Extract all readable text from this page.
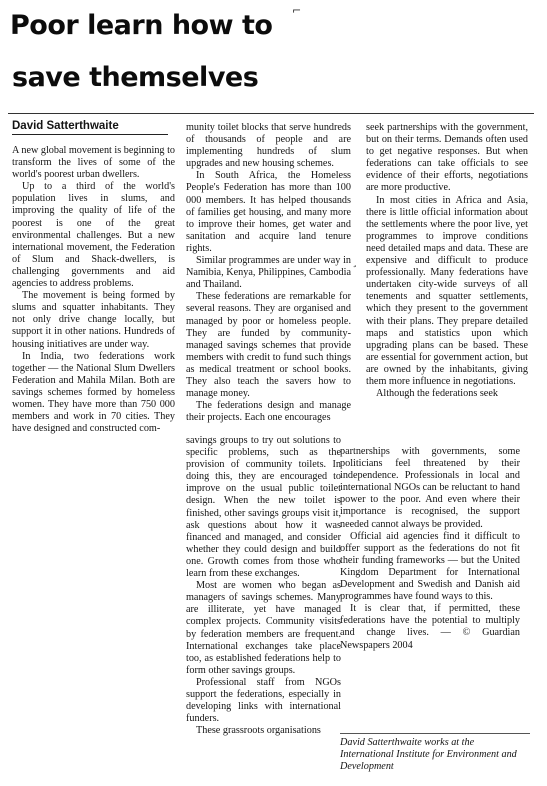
Poor learn how to ⌐
save themselves
David Satterthwaite

A new global movement is beginning to transform the lives of some of the world's poorest urban dwellers.

Up to a third of the world's population lives in slums, and improving the quality of life of the poorest is one of the great environmental challenges. But a new international movement, the Federation of Slum and Shack-dwellers, is challenging governments and aid agencies to address problems.

The movement is being formed by slums and squatter inhabitants. They not only drive change locally, but support it in other nations. Hundreds of housing initiatives are under way.

In India, two federations work together — the National Slum Dwellers Federation and Mahila Milan. Both are savings schemes formed by homeless women. They have more than 750 000 members and work in 70 cities. They have designed and constructed com-

munity toilet blocks that serve hundreds of thousands of people and are implementing hundreds of slum upgrades and new housing schemes.

In South Africa, the Homeless People's Federation has more than 100 000 members. It has helped thousands of families get housing, and many more to improve their homes, get water and sanitation and acquire land tenure rights.

Similar programmes are under way in Namibia, Kenya, Philippines, Cambodia and Thailand.

These federations are remarkable for several reasons. They are organised and managed by poor or homeless people. They are funded by community-managed savings schemes that provide members with credit to fund such things as medical treatment or school books. They also teach the savers how to manage money.

The federations design and manage their projects. Each one encourages

¸

seek partnerships with the government, but on their terms. Demands often used to get negative responses. But when federations can take officials to see evidence of their efforts, negotiations are more productive.

In most cities in Africa and Asia, there is little official information about the settlements where the poor live, yet programmes to improve conditions need detailed maps and data. These are expensive and difficult to produce professionally. Many federations have undertaken city-wide surveys of all tenements and squatter settlements, which they present to the government with their plans. They prepare detailed maps and statistics upon which upgrading plans can be based. These are essential for government action, but are owned by the inhabitants, giving them more influence in negotiations.

Although the federations seek

savings groups to try out solutions to specific problems, such as the provision of community toilets. In doing this, they are encouraged to improve on the usual public toilet design. When the new toilet is finished, other savings groups visit it, ask questions about how it was financed and managed, and consider whether they could design and build one. Growth comes from those who learn from these exchanges.

Most are women who began as managers of savings schemes. Many are illiterate, yet have managed complex projects. Community visits by federation members are frequent. International exchanges take place too, as established federations help to form other savings groups.

Professional staff from NGOs support the federations, especially in developing links with international funders.

These grassroots organisations

partnerships with governments, some politicians feel threatened by their independence. Professionals in local and international NGOs can be reluctant to hand power to the poor. And even where their importance is recognised, the support needed cannot always be provided.

Official aid agencies find it difficult to offer support as the federations do not fit their funding frameworks — but the United Kingdom Department for International Development and Swedish and Danish aid programmes have found ways to this.

It is clear that, if permitted, these federations have the potential to multiply and change lives. — © Guardian Newspapers 2004

David Satterthwaite works at the International Institute for Environment and Development
